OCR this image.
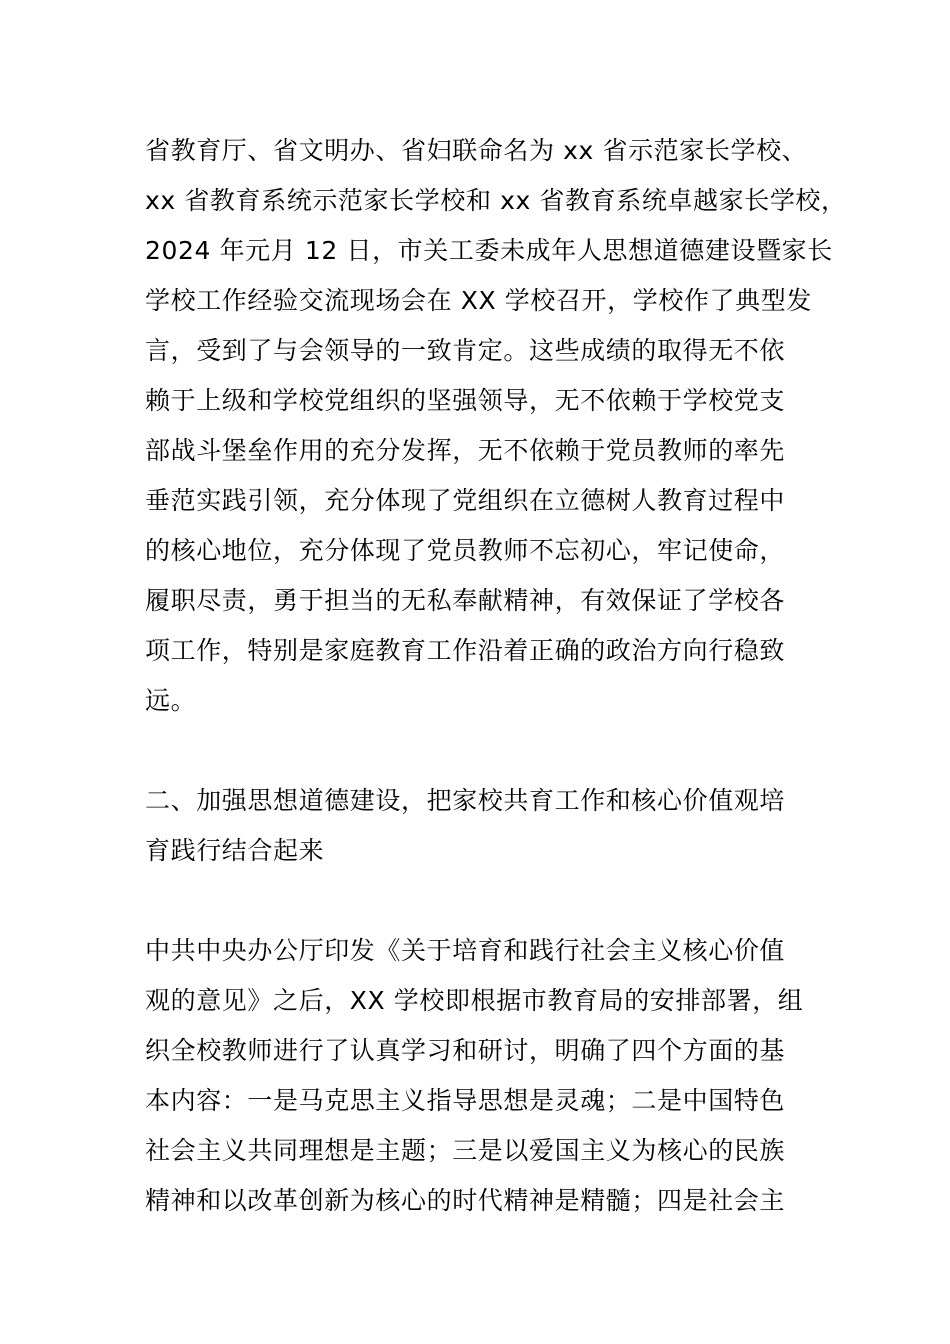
省教育厅、省文明办、省妇联命名为 xx 省示范家长学校、
xx 省教育系统示范家长学校和 xx 省教育系统卓越家长学校，
2024 年元月 12 日，市关工委未成年人思想道德建设暨家长
学校工作经验交流现场会在 XX 学校召开，学校作了典型发
言，受到了与会领导的一致肯定。这些成绩的取得无不依
赖于上级和学校党组织的坚强领导，无不依赖于学校党支
部战斗堡垒作用的充分发挥，无不依赖于党员教师的率先
垂范实践引领，充分体现了党组织在立德树人教育过程中
的核心地位，充分体现了党员教师不忘初心，牢记使命，
履职尽责，勇于担当的无私奉献精神，有效保证了学校各
项工作，特别是家庭教育工作沿着正确的政治方向行稳致
远。

二、加强思想道德建设，把家校共育工作和核心价值观培
育践行结合起来

中共中央办公厅印发《关于培育和践行社会主义核心价值
观的意见》之后，XX 学校即根据市教育局的安排部署，组
织全校教师进行了认真学习和研讨，明确了四个方面的基
本内容：一是马克思主义指导思想是灵魂；二是中国特色
社会主义共同理想是主题；三是以爱国主义为核心的民族
精神和以改革创新为核心的时代精神是精髓；四是社会主
